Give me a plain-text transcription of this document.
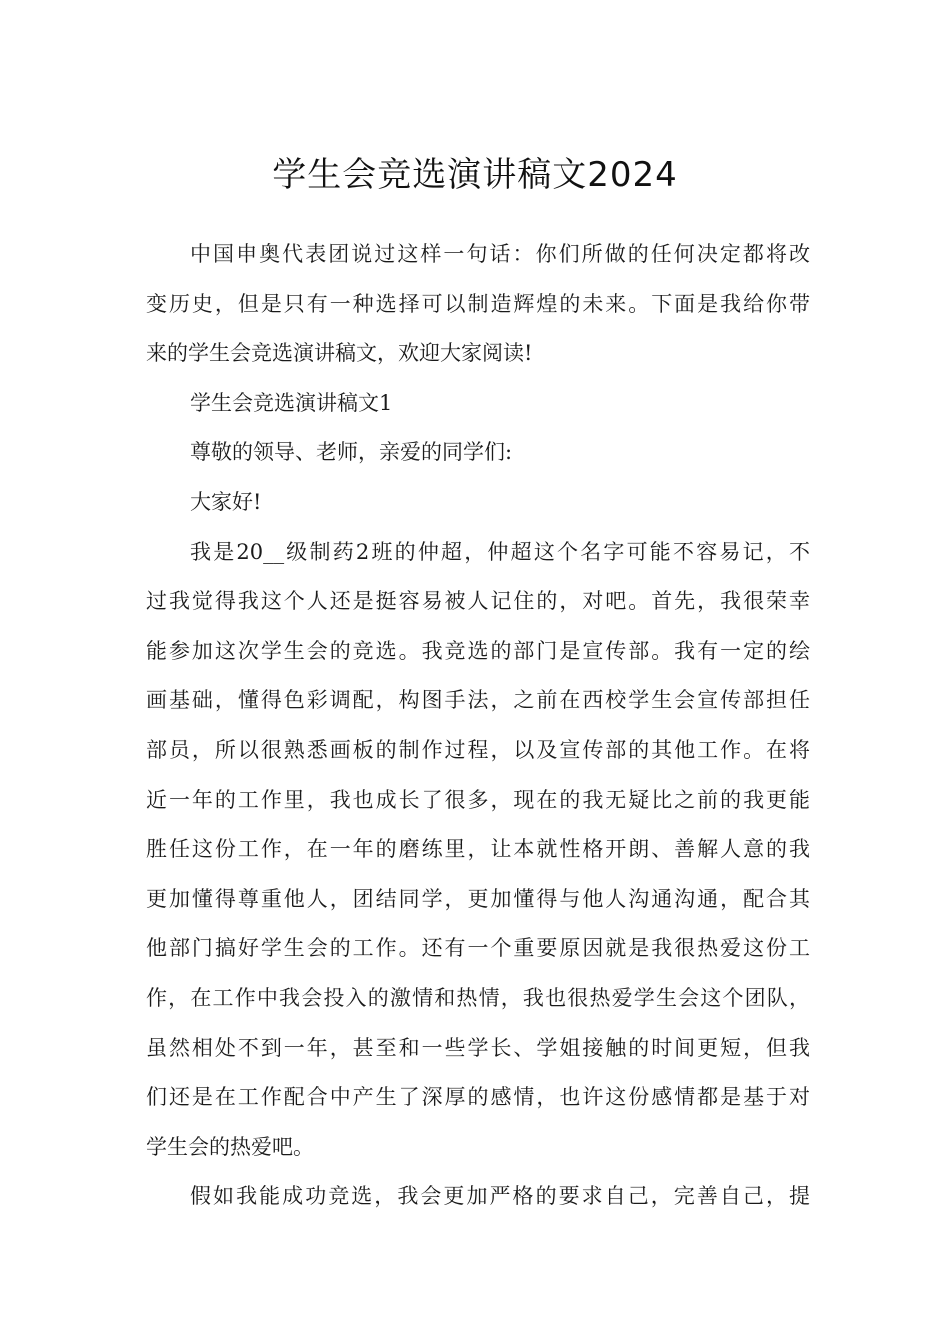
学生会竞选演讲稿文2024
中国申奥代表团说过这样一句话：你们所做的任何决定都将改
变历史，但是只有一种选择可以制造辉煌的未来。下面是我给你带
来的学生会竞选演讲稿文，欢迎大家阅读!
学生会竞选演讲稿文1
尊敬的领导、老师，亲爱的同学们:
大家好!
我是20__级制药2班的仲超，仲超这个名字可能不容易记，不
过我觉得我这个人还是挺容易被人记住的，对吧。首先，我很荣幸
能参加这次学生会的竞选。我竞选的部门是宣传部。我有一定的绘
画基础，懂得色彩调配，构图手法，之前在西校学生会宣传部担任
部员，所以很熟悉画板的制作过程，以及宣传部的其他工作。在将
近一年的工作里，我也成长了很多，现在的我无疑比之前的我更能
胜任这份工作，在一年的磨练里，让本就性格开朗、善解人意的我
更加懂得尊重他人，团结同学，更加懂得与他人沟通沟通，配合其
他部门搞好学生会的工作。还有一个重要原因就是我很热爱这份工
作，在工作中我会投入的激情和热情，我也很热爱学生会这个团队，
虽然相处不到一年，甚至和一些学长、学姐接触的时间更短，但我
们还是在工作配合中产生了深厚的感情，也许这份感情都是基于对
学生会的热爱吧。
假如我能成功竞选，我会更加严格的要求自己，完善自己，提
